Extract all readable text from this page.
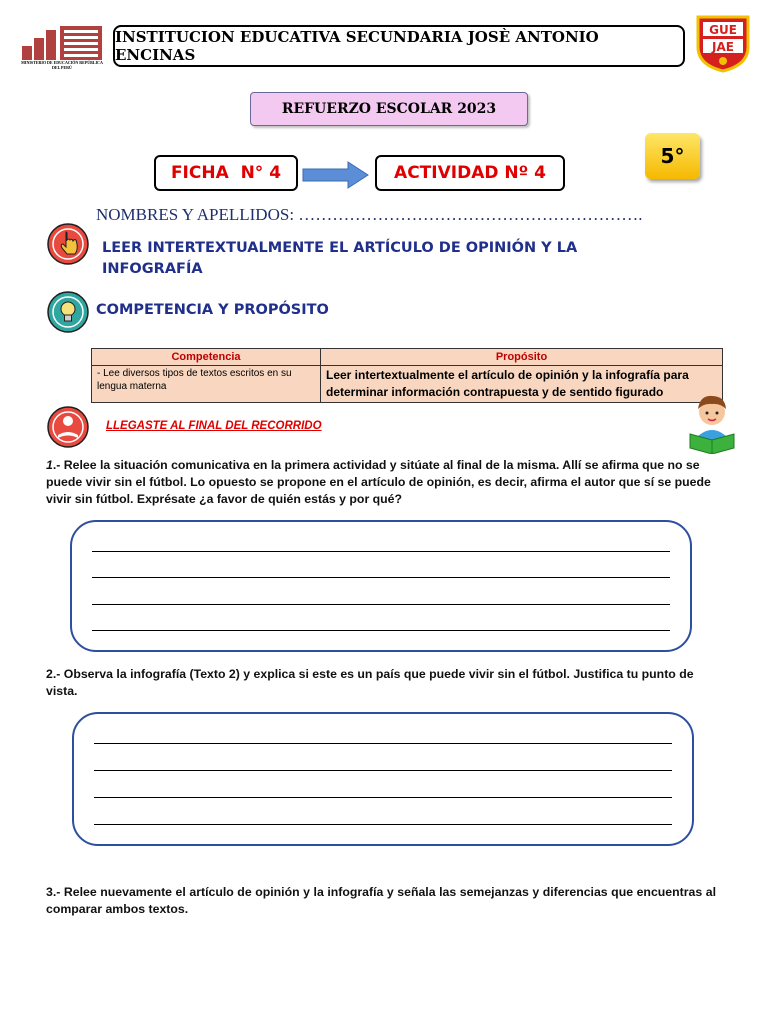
MINISTERIO DE EDUCACIÓN REPÚBLICA DEL PERÚ
INSTITUCION EDUCATIVA SECUNDARIA JOSÈ ANTONIO ENCINAS
GUE
JAE
REFUERZO ESCOLAR 2023
FICHA  N° 4	ACTIVIDAD Nº 4
5°
NOMBRES Y APELLIDOS: …………………………………………………….
LEER INTERTEXTUALMENTE EL ARTÍCULO DE OPINIÓN Y LA INFOGRAFÍA
COMPETENCIA Y PROPÓSITO
Competencia	Propósito
- Lee diversos tipos de textos escritos en su lengua materna	Leer intertextualmente el artículo de opinión y la infografía para determinar información contrapuesta y de sentido figurado
LLEGASTE AL FINAL DEL RECORRIDO
1.- Relee la situación comunicativa en la primera actividad y sitúate al final de la misma. Allí se afirma que no se puede vivir sin el fútbol. Lo opuesto se propone en el artículo de opinión, es decir, afirma el autor que sí se puede vivir sin fútbol. Exprésate ¿a favor de quién estás y por qué?
2.- Observa la infografía (Texto 2) y explica si este es un país que puede vivir sin el fútbol. Justifica tu punto de vista.
3.- Relee nuevamente el artículo de opinión y la infografía y señala las semejanzas y diferencias que encuentras al comparar ambos textos.
